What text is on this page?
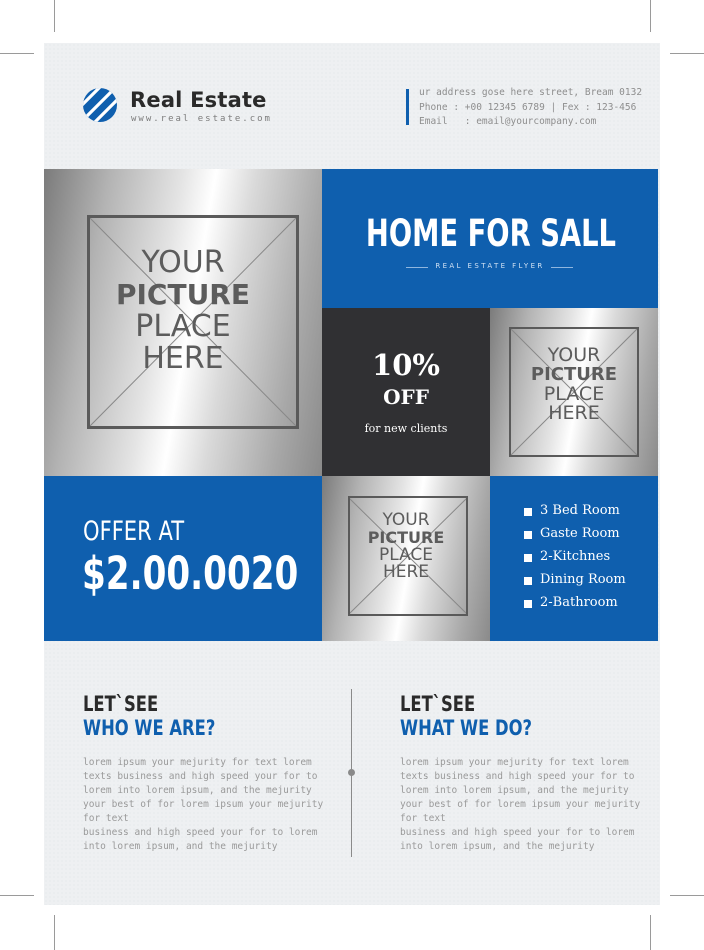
Real Estate
www.real estate.com
ur address gose here street, Bream 0132
Phone : +00 12345 6789 | Fex : 123-456
Email   : email@yourcompany.com
YOUR
PICTURE
PLACE
HERE
HOME FOR SALL
REAL ESTATE FLYER
10%
OFF
for new clients
YOUR
PICTURE
PLACE
HERE
OFFER AT
$2.00.0020
YOUR
PICTURE
PLACE
HERE
3 Bed Room
Gaste Room
2-Kitchnes
Dining Room
2-Bathroom
LET`SEE
WHO WE ARE?
lorem ipsum your mejurity for text lorem texts business and high speed your for to lorem into lorem ipsum, and the mejurity your best of for lorem ipsum your mejurity for text
business and high speed your for to lorem into lorem ipsum, and the mejurity
LET`SEE
WHAT WE DO?
lorem ipsum your mejurity for text lorem texts business and high speed your for to lorem into lorem ipsum, and the mejurity your best of for lorem ipsum your mejurity for text
business and high speed your for to lorem into lorem ipsum, and the mejurity
